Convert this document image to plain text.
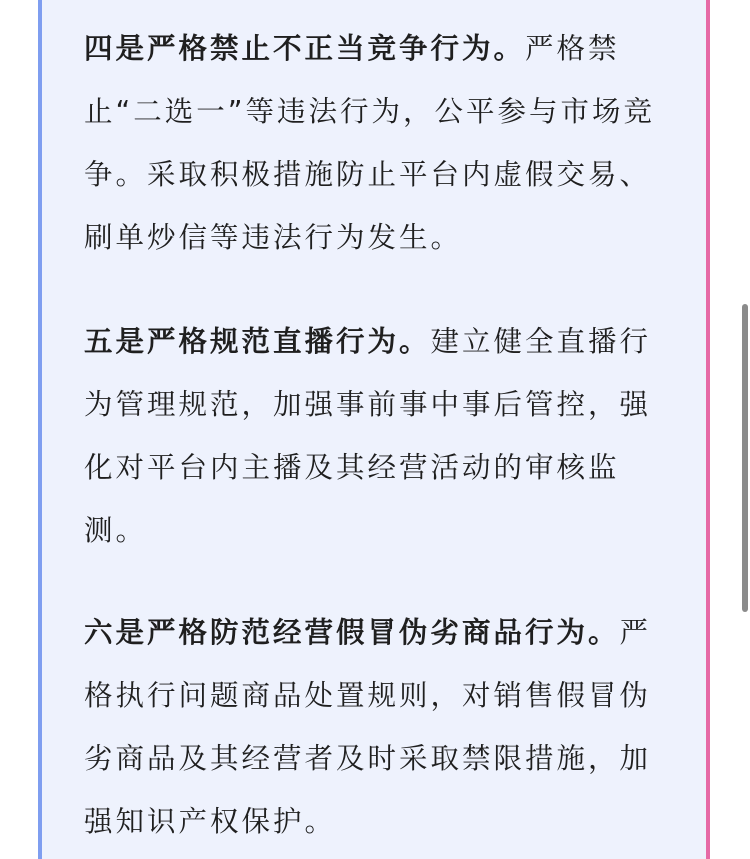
四是严格禁止不正当竞争行为。严格禁止“二选一”等违法行为，公平参与市场竞争。采取积极措施防止平台内虚假交易、刷单炒信等违法行为发生。

五是严格规范直播行为。建立健全直播行为管理规范，加强事前事中事后管控，强化对平台内主播及其经营活动的审核监测。

六是严格防范经营假冒伪劣商品行为。严格执行问题商品处置规则，对销售假冒伪劣商品及其经营者及时采取禁限措施，加强知识产权保护。
